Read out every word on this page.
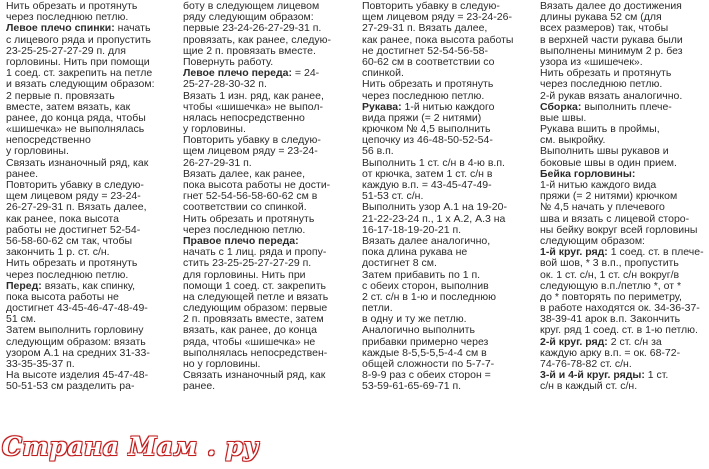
Нить обрезать и протянуть
через последнюю петлю.
Левое плечо спинки: начать
с лицевого ряда и пропустить
23-25-25-27-27-29 п. для
горловины. Нить при помощи
1 соед. ст. закрепить на петле
и вязать следующим образом:
2 первые п. провязать
вместе, затем вязать, как
ранее, до конца ряда, чтобы
«шишечка» не выполнялась
непосредственно
у горловины.
Связать изнаночный ряд, как
ранее.
Повторить убавку в следую-
щем лицевом ряду = 23-24-
26-27-29-31 п. Вязать далее,
как ранее, пока высота
работы не достигнет 52-54-
56-58-60-62 см так, чтобы
закончить 1 р. ст. с/н.
Нить обрезать и протянуть
через последнюю петлю.
Перед: вязать, как спинку,
пока высота работы не
достигнет 43-45-46-47-48-49-
51 см.
Затем выполнить горловину
следующим образом: вязать
узором А.1 на средних 31-33-
33-35-35-37 п.
На высоте изделия 45-47-48-
50-51-53 см разделить ра-
боту в следующем лицевом
ряду следующим образом:
первые 23-24-26-27-29-31 п.
провязать, как ранее, следую-
щие 2 п. провязать вместе.
Повернуть работу.
Левое плечо переда: = 24-
25-27-28-30-32 п.
Вязать 1 изн. ряд, как ранее,
чтобы «шишечка» не выпол-
нялась непосредственно
у горловины.
Повторить убавку в следую-
щем лицевом ряду = 23-24-
26-27-29-31 п.
Вязать далее, как ранее,
пока высота работы не дости-
гнет 52-54-56-58-60-62 см в
соответствии со спинкой.
Нить обрезать и протянуть
через последнюю петлю.
Правое плечо переда:
начать с 1 лиц. ряда и пропу-
стить 23-25-25-27-27-29 п.
для горловины. Нить при
помощи 1 соед. ст. закрепить
на следующей петле и вязать
следующим образом: первые
2 п. провязать вместе, затем
вязать, как ранее, до конца
ряда, чтобы «шишечка» не
выполнялась непосредствен-
но у горловины.
Связать изнаночный ряд, как
ранее.
Повторить убавку в следую-
щем лицевом ряду = 23-24-26-
27-29-31 п. Вязать далее,
как ранее, пока высота работы
не достигнет 52-54-56-58-
60-62 см в соответствии со
спинкой.
Нить обрезать и протянуть
через последнюю петлю.
Рукава: 1-й нитью каждого
вида пряжи (= 2 нитями)
крючком № 4,5 выполнить
цепочку из 46-48-50-52-54-
56 в.п.
Выполнить 1 ст. с/н в 4-ю в.п.
от крючка, затем 1 ст. с/н в
каждую в.п. = 43-45-47-49-
51-53 ст. с/н.
Выполнить узор А.1 на 19-20-
21-22-23-24 п., 1 х А.2, А.3 на
16-17-18-19-20-21 п.
Вязать далее аналогично,
пока длина рукава не
достигнет 8 см.
Затем прибавить по 1 п.
с обеих сторон, выполнив
2 ст. с/н в 1-ю и последнюю
петли.
в одну и ту же петлю.
Аналогично выполнить
прибавки примерно через
каждые 8-5,5-5,5-4-4 см в
общей сложности по 5-7-7-
8-9-9 раз с обеих сторон =
53-59-61-65-69-71 п.
Вязать далее до достижения
длины рукава 52 см (для
всех размеров) так, чтобы
в верхней части рукава были
выполнены минимум 2 р. без
узора из «шишечек».
Нить обрезать и протянуть
через последнюю петлю.
2-й рукав вязать аналогично.
Сборка: выполнить плече-
вые швы.
Рукава вшить в проймы,
см. выкройку.
Выполнить швы рукавов и
боковые швы в один прием.
Бейка горловины:
1-й нитью каждого вида
пряжи (= 2 нитями) крючком
№ 4,5 начать у плечевого
шва и вязать с лицевой сторо-
ны бейку вокруг всей горловины
следующим образом:
1-й круг. ряд: 1 соед. ст. в плече-
вой шов, * 3 в.п., пропустить
ок. 1 ст. с/н, 1 ст. с/н вокруг/в
следующую в.п./петлю *, от *
до * повторять по периметру,
в работе находятся ок. 34-36-37-
38-39-41 арок в.п. Закончить
круг. ряд 1 соед. ст. в 1-ю петлю.
2-й круг. ряд: 2 ст. с/н за
каждую арку в.п. = ок. 68-72-
74-76-78-82 ст. с/н.
3-й и 4-й круг. ряды: 1 ст.
с/н в каждый ст. с/н.
Страна Мам . ру
